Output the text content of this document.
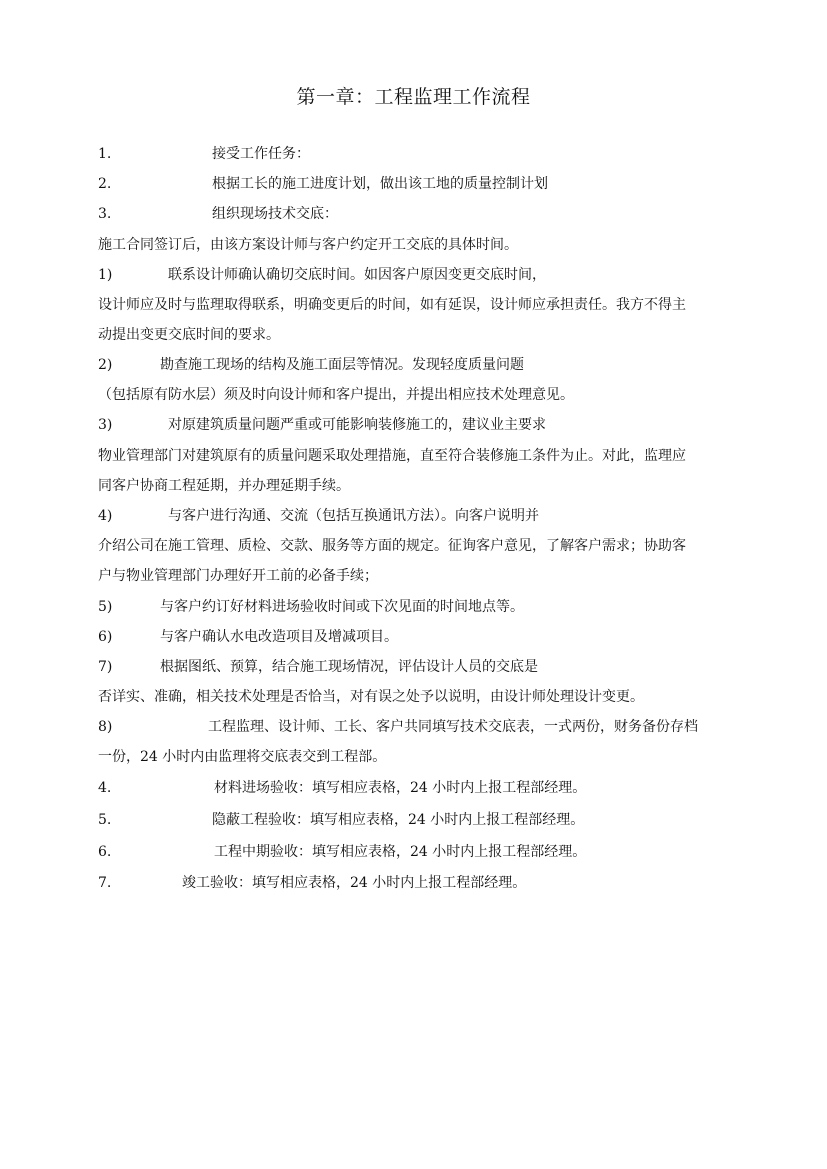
第一章：工程监理工作流程
1.	接受工作任务：
2.	根据工长的施工进度计划，做出该工地的质量控制计划
3.	组织现场技术交底：
施工合同签订后，由该方案设计师与客户约定开工交底的具体时间。
1)	联系设计师确认确切交底时间。如因客户原因变更交底时间，
设计师应及时与监理取得联系，明确变更后的时间，如有延误，设计师应承担责任。我方不得主
动提出变更交底时间的要求。
2)	勘查施工现场的结构及施工面层等情况。发现轻度质量问题
（包括原有防水层）须及时向设计师和客户提出，并提出相应技术处理意见。
3)	对原建筑质量问题严重或可能影响装修施工的，建议业主要求
物业管理部门对建筑原有的质量问题采取处理措施，直至符合装修施工条件为止。对此，监理应
同客户协商工程延期，并办理延期手续。
4)	与客户进行沟通、交流（包括互换通讯方法）。向客户说明并
介绍公司在施工管理、质检、交款、服务等方面的规定。征询客户意见，了解客户需求；协助客
户与物业管理部门办理好开工前的必备手续；
5)	与客户约订好材料进场验收时间或下次见面的时间地点等。
6)	与客户确认水电改造项目及增减项目。
7)	根据图纸、预算，结合施工现场情况，评估设计人员的交底是
否详实、准确，相关技术处理是否恰当，对有误之处予以说明，由设计师处理设计变更。
8)	工程监理、设计师、工长、客户共同填写技术交底表，一式两份，财务备份存档
一份，24 小时内由监理将交底表交到工程部。
4.	材料进场验收：填写相应表格，24 小时内上报工程部经理。
5.	隐蔽工程验收：填写相应表格，24 小时内上报工程部经理。
6.	工程中期验收：填写相应表格，24 小时内上报工程部经理。
7.	竣工验收：填写相应表格，24 小时内上报工程部经理。
